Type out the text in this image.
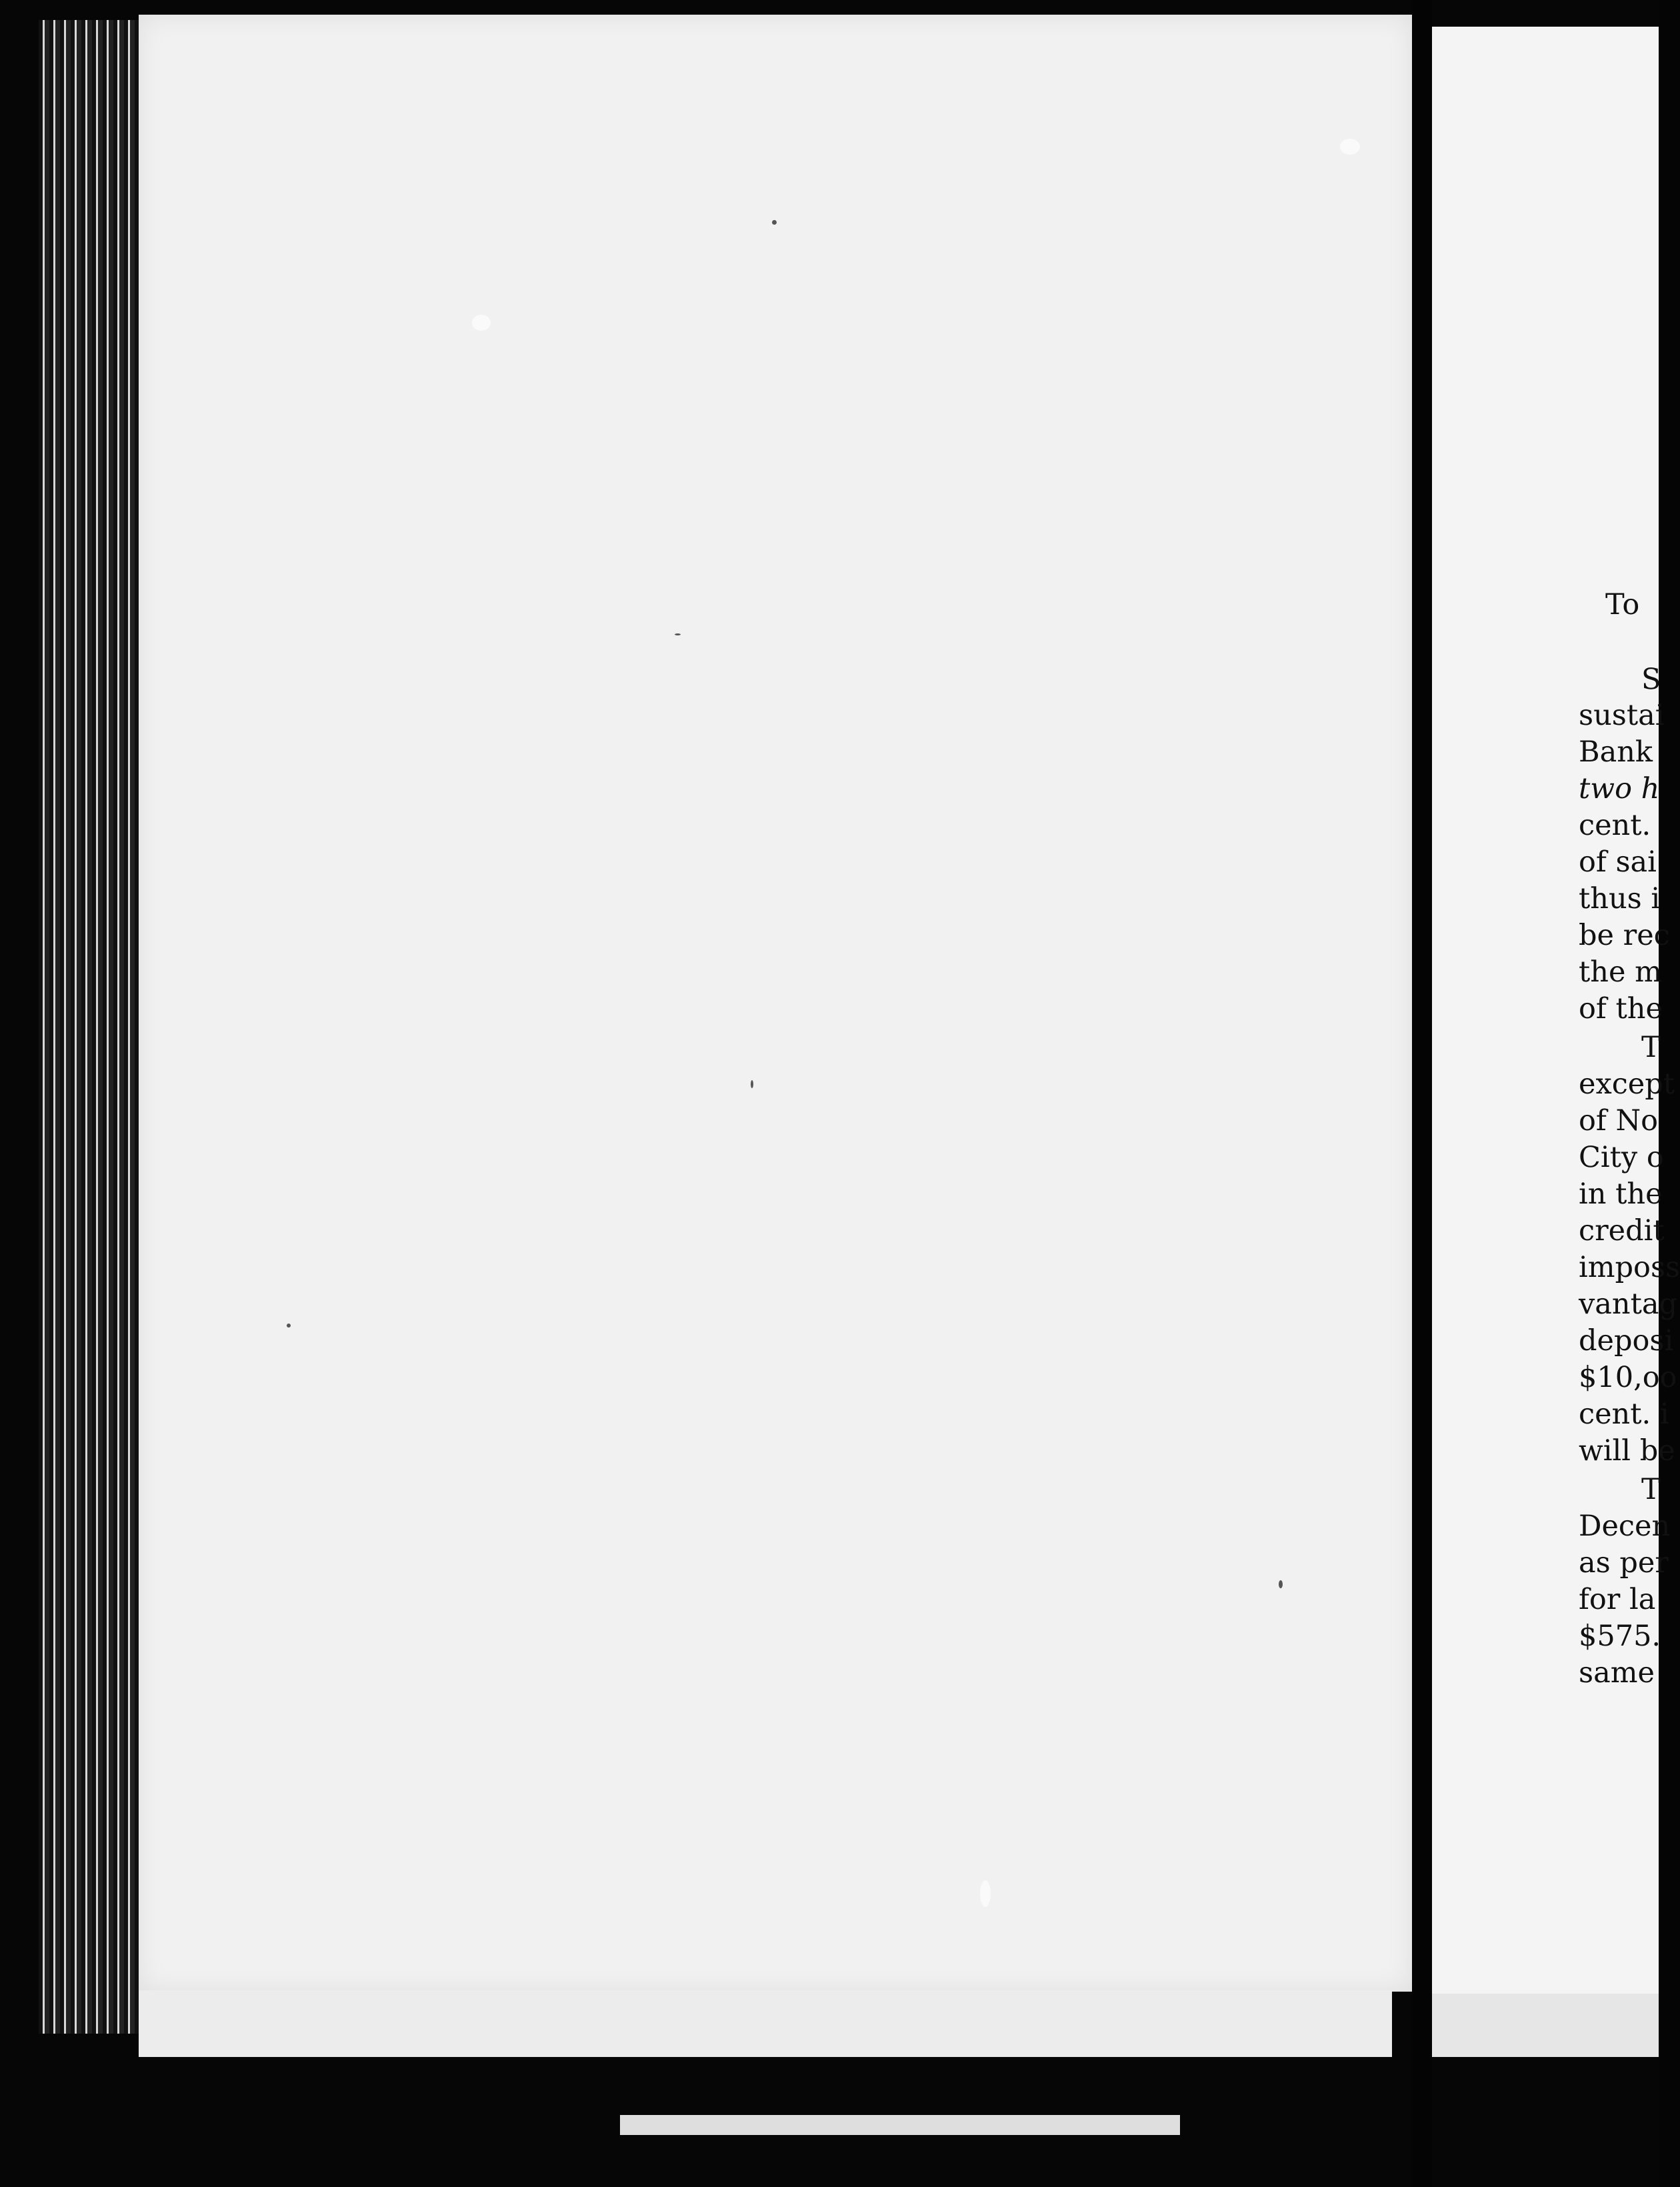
To
S
sustai
Bank
two h
cent.
of sai
thus i
be rec
the m
of the
T
except
of No
City o
in the
credit
imposs
vantag
deposi
$10,oo
cent. i
will be
T
Decen
as per
for la
$575.
same
